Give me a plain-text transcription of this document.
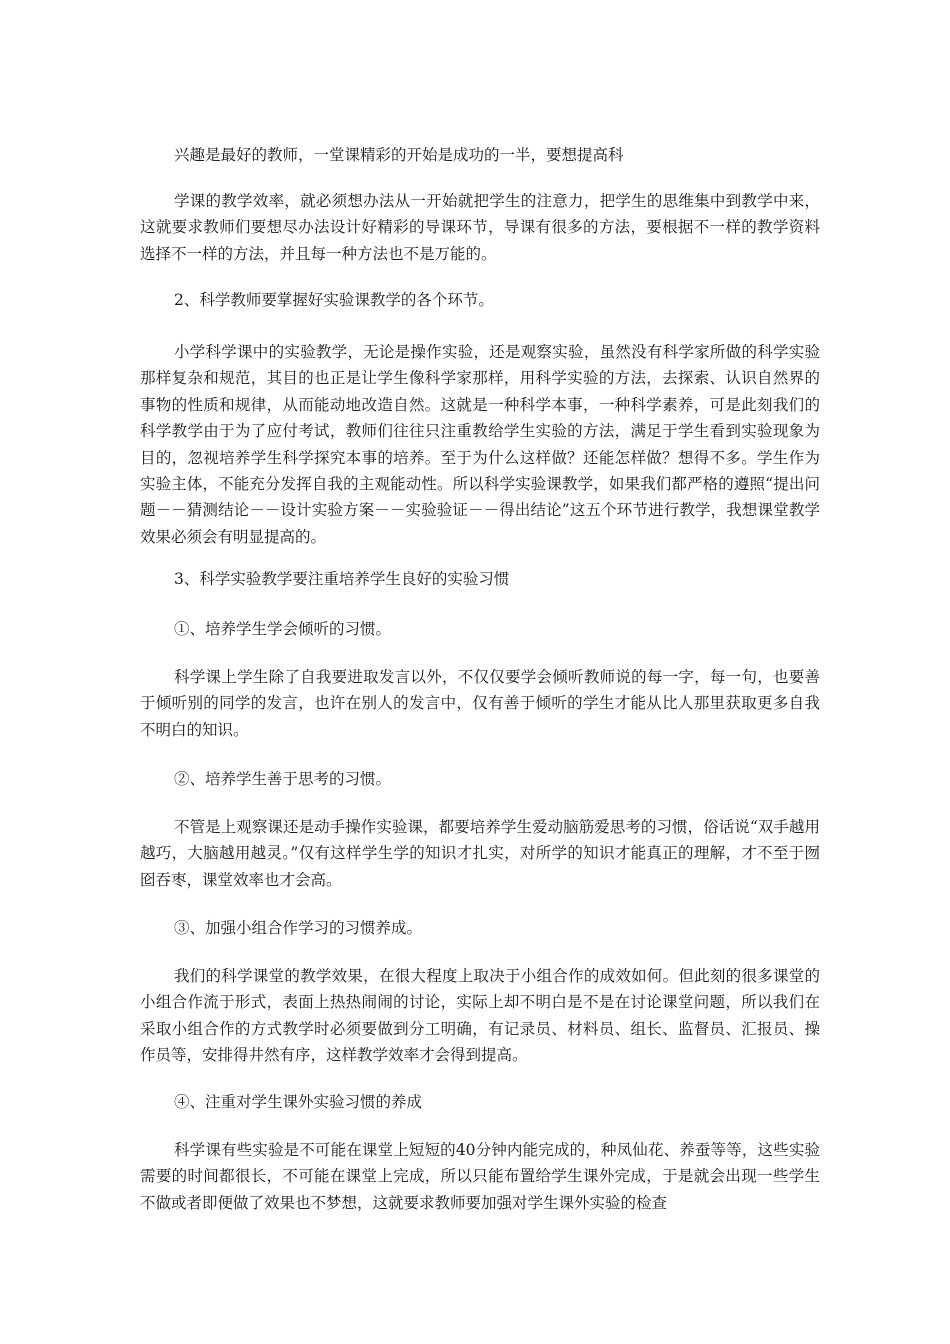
兴趣是最好的教师，一堂课精彩的开始是成功的一半，要想提高科

学课的教学效率，就必须想办法从一开始就把学生的注意力，把学生的思维集中到教学中来，这就要求教师们要想尽办法设计好精彩的导课环节，导课有很多的方法，要根据不一样的教学资料选择不一样的方法，并且每一种方法也不是万能的。

2、科学教师要掌握好实验课教学的各个环节。

小学科学课中的实验教学，无论是操作实验，还是观察实验，虽然没有科学家所做的科学实验那样复杂和规范，其目的也正是让学生像科学家那样，用科学实验的方法，去探索、认识自然界的事物的性质和规律，从而能动地改造自然。这就是一种科学本事，一种科学素养，可是此刻我们的科学教学由于为了应付考试，教师们往往只注重教给学生实验的方法，满足于学生看到实验现象为目的，忽视培养学生科学探究本事的培养。至于为什么这样做？还能怎样做？想得不多。学生作为实验主体，不能充分发挥自我的主观能动性。所以科学实验课教学，如果我们都严格的遵照“提出问题－－猜测结论－－设计实验方案－－实验验证－－得出结论”这五个环节进行教学，我想课堂教学效果必须会有明显提高的。

3、科学实验教学要注重培养学生良好的实验习惯

①、培养学生学会倾听的习惯。

科学课上学生除了自我要进取发言以外，不仅仅要学会倾听教师说的每一字，每一句，也要善于倾听别的同学的发言，也许在别人的发言中，仅有善于倾听的学生才能从比人那里获取更多自我不明白的知识。

②、培养学生善于思考的习惯。

不管是上观察课还是动手操作实验课，都要培养学生爱动脑筋爱思考的习惯，俗话说“双手越用越巧，大脑越用越灵。”仅有这样学生学的知识才扎实，对所学的知识才能真正的理解，才不至于囫囵吞枣，课堂效率也才会高。

③、加强小组合作学习的习惯养成。

我们的科学课堂的教学效果，在很大程度上取决于小组合作的成效如何。但此刻的很多课堂的小组合作流于形式，表面上热热闹闹的讨论，实际上却不明白是不是在讨论课堂问题，所以我们在采取小组合作的方式教学时必须要做到分工明确，有记录员、材料员、组长、监督员、汇报员、操作员等，安排得井然有序，这样教学效率才会得到提高。

④、注重对学生课外实验习惯的养成

科学课有些实验是不可能在课堂上短短的40分钟内能完成的，种凤仙花、养蚕等等，这些实验需要的时间都很长，不可能在课堂上完成，所以只能布置给学生课外完成，于是就会出现一些学生不做或者即便做了效果也不梦想，这就要求教师要加强对学生课外实验的检查
